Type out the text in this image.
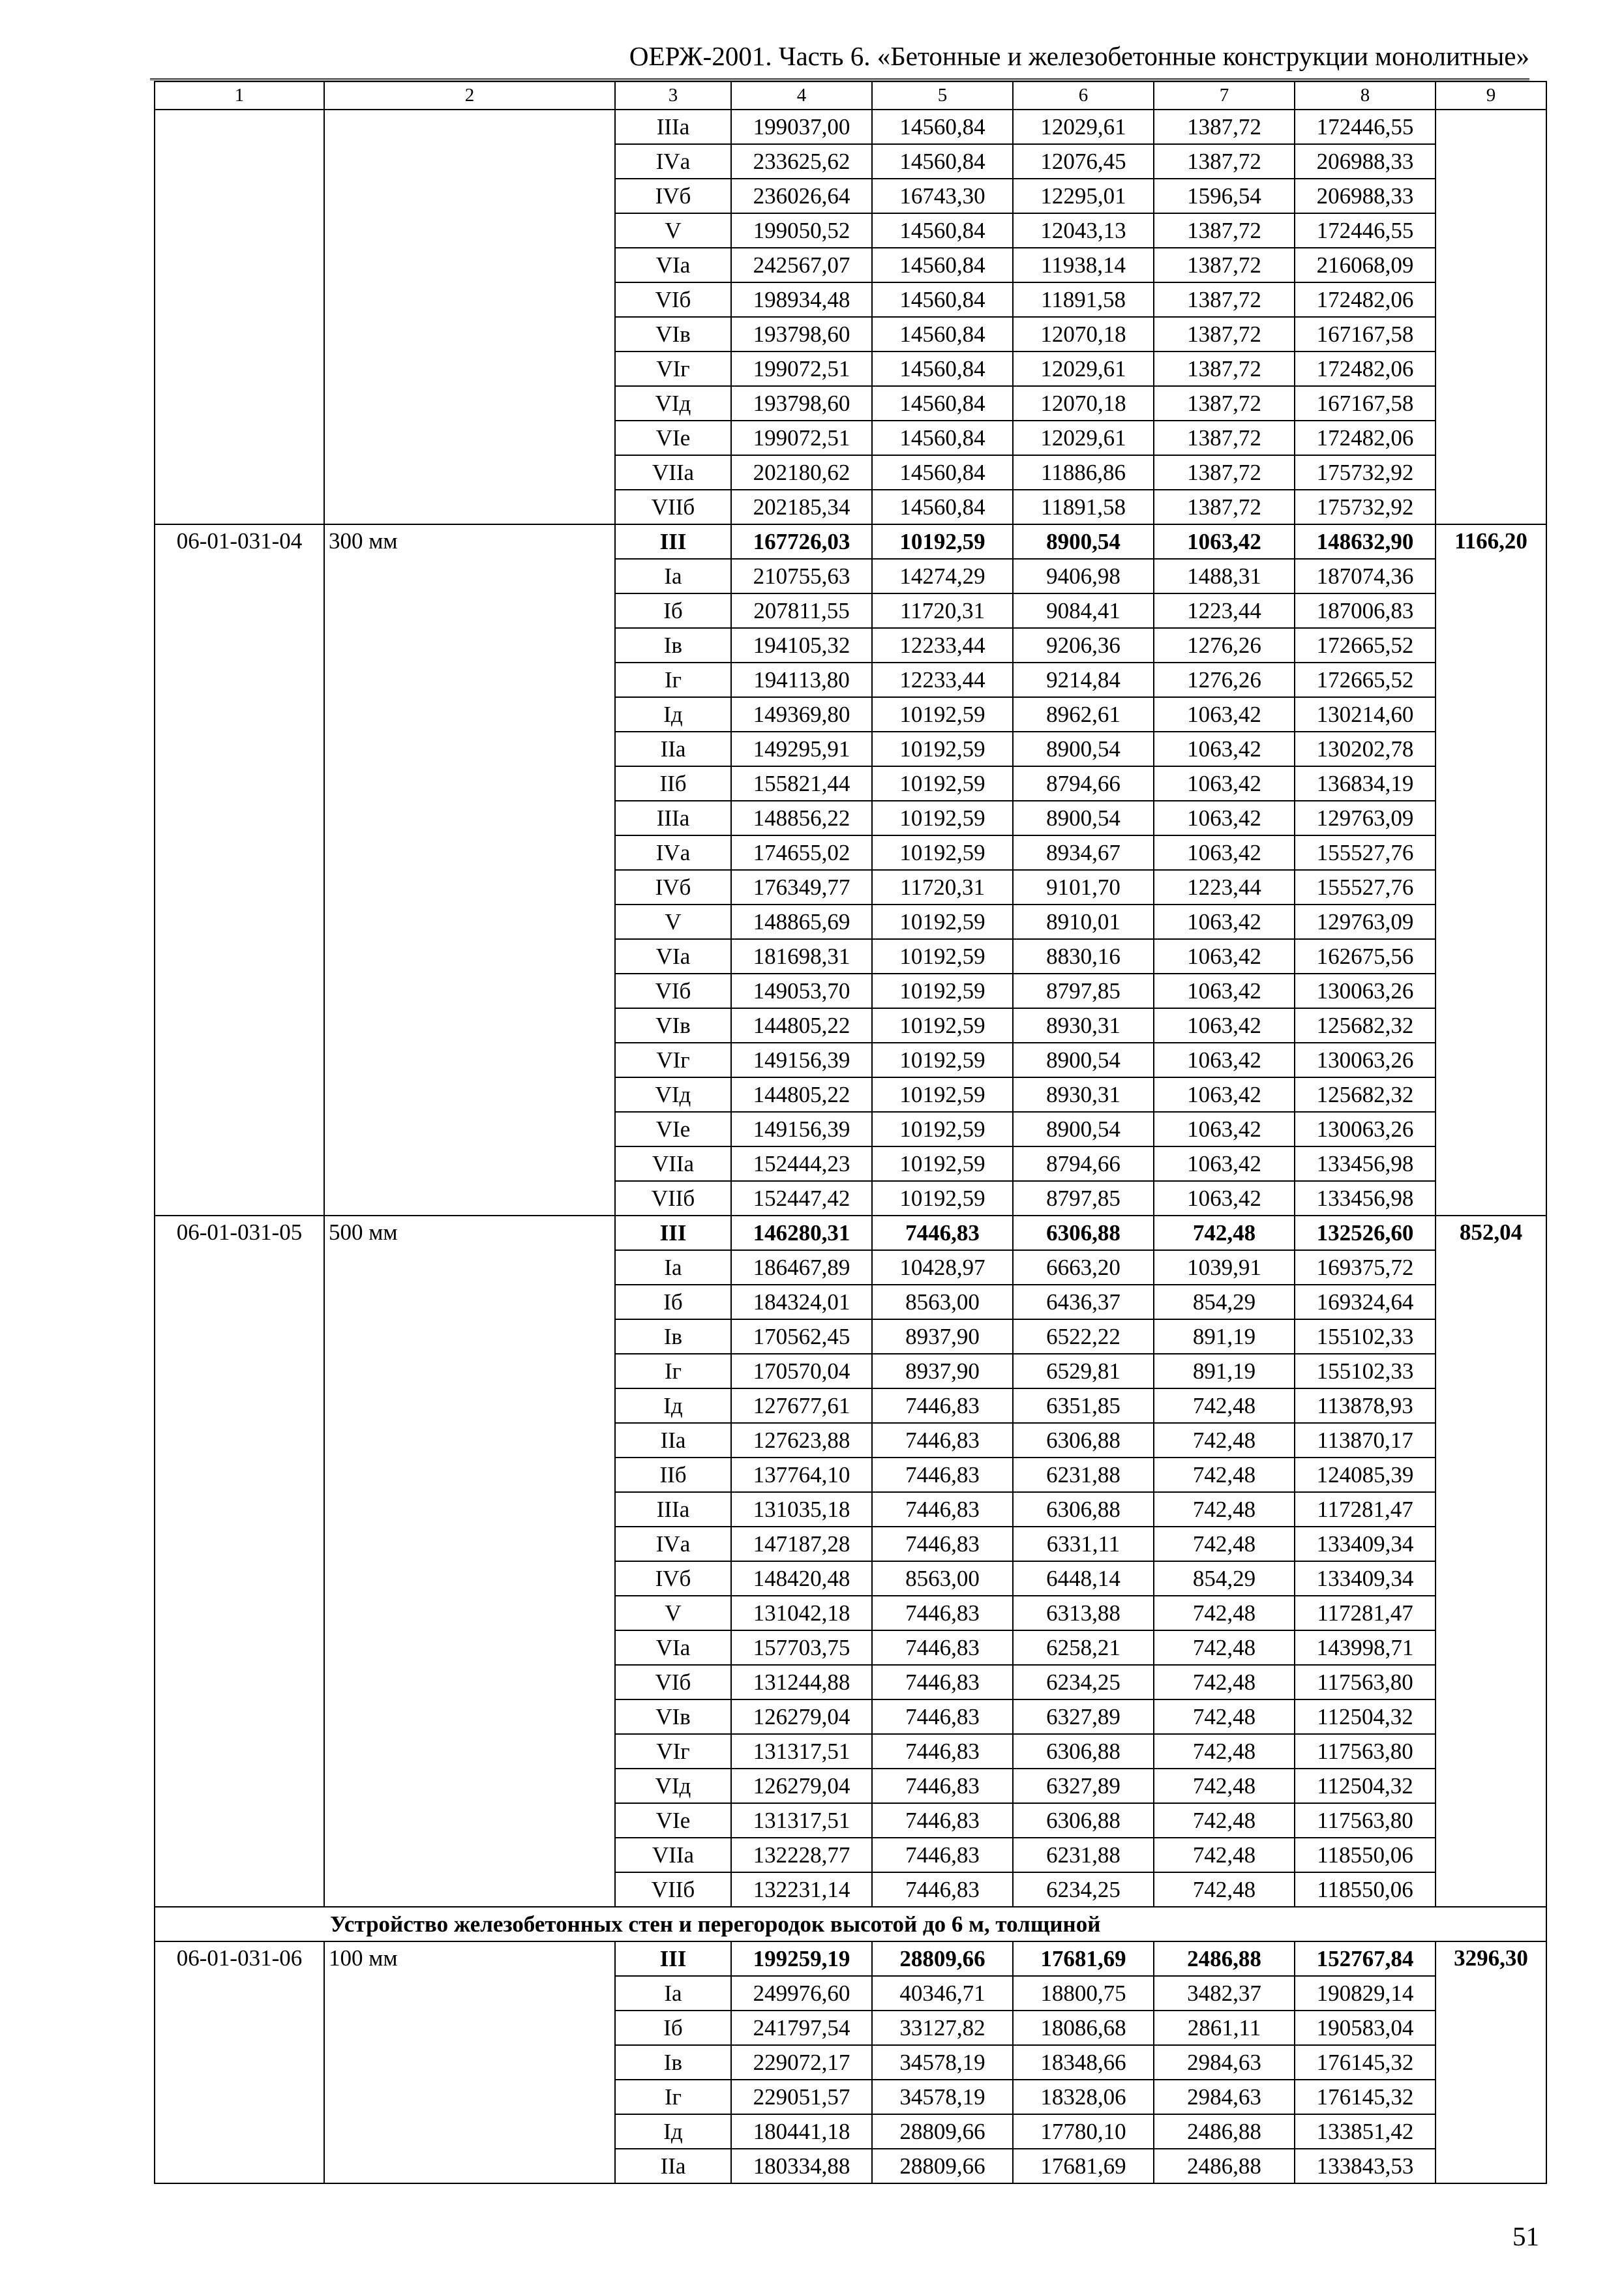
ОЕРЖ-2001. Часть 6. «Бетонные и железобетонные конструкции монолитные»
1	2	3	4	5	6	7	8	9
		IIIа	199037,00	14560,84	12029,61	1387,72	172446,55	
		IVа	233625,62	14560,84	12076,45	1387,72	206988,33	
		IVб	236026,64	16743,30	12295,01	1596,54	206988,33	
		V	199050,52	14560,84	12043,13	1387,72	172446,55	
		VIа	242567,07	14560,84	11938,14	1387,72	216068,09	
		VIб	198934,48	14560,84	11891,58	1387,72	172482,06	
		VIв	193798,60	14560,84	12070,18	1387,72	167167,58	
		VIг	199072,51	14560,84	12029,61	1387,72	172482,06	
		VIд	193798,60	14560,84	12070,18	1387,72	167167,58	
		VIе	199072,51	14560,84	12029,61	1387,72	172482,06	
		VIIа	202180,62	14560,84	11886,86	1387,72	175732,92	
		VIIб	202185,34	14560,84	11891,58	1387,72	175732,92	
06-01-031-04	300 мм	III	167726,03	10192,59	8900,54	1063,42	148632,90	1166,20
		Iа	210755,63	14274,29	9406,98	1488,31	187074,36	
		Iб	207811,55	11720,31	9084,41	1223,44	187006,83	
		Iв	194105,32	12233,44	9206,36	1276,26	172665,52	
		Iг	194113,80	12233,44	9214,84	1276,26	172665,52	
		Iд	149369,80	10192,59	8962,61	1063,42	130214,60	
		IIа	149295,91	10192,59	8900,54	1063,42	130202,78	
		IIб	155821,44	10192,59	8794,66	1063,42	136834,19	
		IIIа	148856,22	10192,59	8900,54	1063,42	129763,09	
		IVа	174655,02	10192,59	8934,67	1063,42	155527,76	
		IVб	176349,77	11720,31	9101,70	1223,44	155527,76	
		V	148865,69	10192,59	8910,01	1063,42	129763,09	
		VIа	181698,31	10192,59	8830,16	1063,42	162675,56	
		VIб	149053,70	10192,59	8797,85	1063,42	130063,26	
		VIв	144805,22	10192,59	8930,31	1063,42	125682,32	
		VIг	149156,39	10192,59	8900,54	1063,42	130063,26	
		VIд	144805,22	10192,59	8930,31	1063,42	125682,32	
		VIе	149156,39	10192,59	8900,54	1063,42	130063,26	
		VIIа	152444,23	10192,59	8794,66	1063,42	133456,98	
		VIIб	152447,42	10192,59	8797,85	1063,42	133456,98	
06-01-031-05	500 мм	III	146280,31	7446,83	6306,88	742,48	132526,60	852,04
		Iа	186467,89	10428,97	6663,20	1039,91	169375,72	
		Iб	184324,01	8563,00	6436,37	854,29	169324,64	
		Iв	170562,45	8937,90	6522,22	891,19	155102,33	
		Iг	170570,04	8937,90	6529,81	891,19	155102,33	
		Iд	127677,61	7446,83	6351,85	742,48	113878,93	
		IIа	127623,88	7446,83	6306,88	742,48	113870,17	
		IIб	137764,10	7446,83	6231,88	742,48	124085,39	
		IIIа	131035,18	7446,83	6306,88	742,48	117281,47	
		IVа	147187,28	7446,83	6331,11	742,48	133409,34	
		IVб	148420,48	8563,00	6448,14	854,29	133409,34	
		V	131042,18	7446,83	6313,88	742,48	117281,47	
		VIа	157703,75	7446,83	6258,21	742,48	143998,71	
		VIб	131244,88	7446,83	6234,25	742,48	117563,80	
		VIв	126279,04	7446,83	6327,89	742,48	112504,32	
		VIг	131317,51	7446,83	6306,88	742,48	117563,80	
		VIд	126279,04	7446,83	6327,89	742,48	112504,32	
		VIе	131317,51	7446,83	6306,88	742,48	117563,80	
		VIIа	132228,77	7446,83	6231,88	742,48	118550,06	
		VIIб	132231,14	7446,83	6234,25	742,48	118550,06	
Устройство железобетонных стен и перегородок высотой до 6 м, толщиной								
06-01-031-06	100 мм	III	199259,19	28809,66	17681,69	2486,88	152767,84	3296,30
		Iа	249976,60	40346,71	18800,75	3482,37	190829,14	
		Iб	241797,54	33127,82	18086,68	2861,11	190583,04	
		Iв	229072,17	34578,19	18348,66	2984,63	176145,32	
		Iг	229051,57	34578,19	18328,06	2984,63	176145,32	
		Iд	180441,18	28809,66	17780,10	2486,88	133851,42	
		IIа	180334,88	28809,66	17681,69	2486,88	133843,53	
51
